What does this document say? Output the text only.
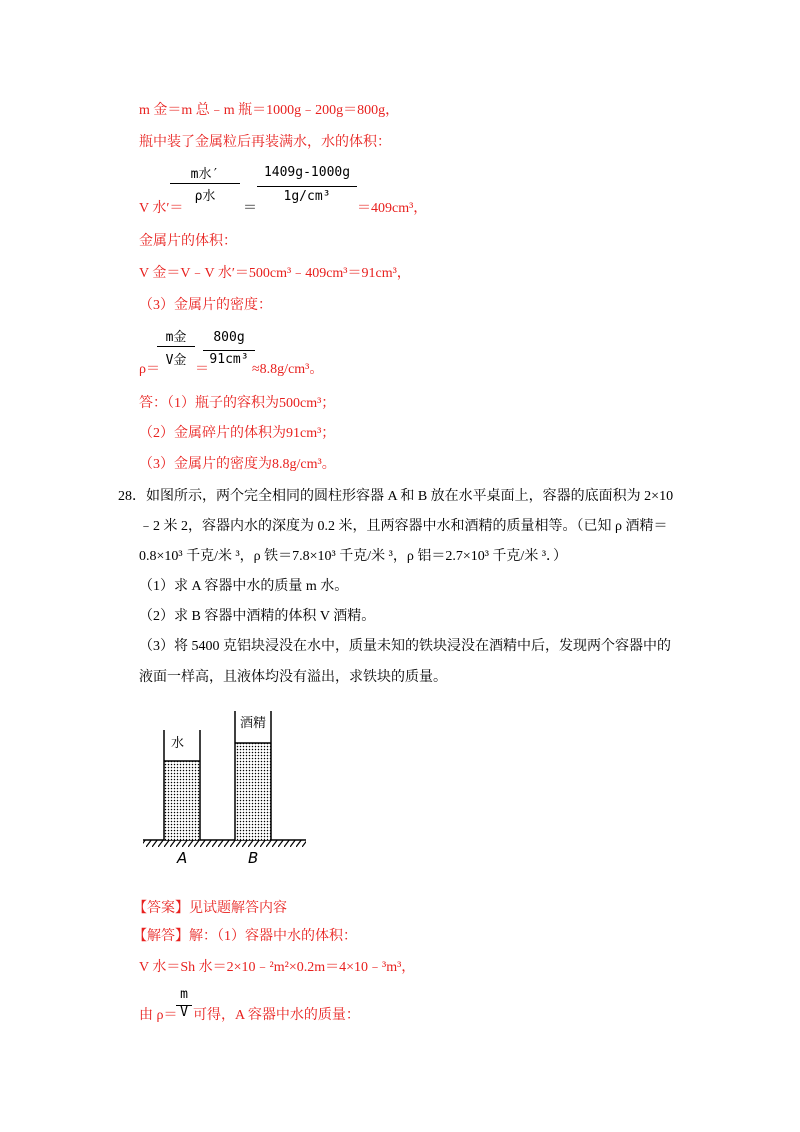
m 金＝m 总﹣m 瓶＝1000g﹣200g＝800g，
瓶中装了金属粒后再装满水，水的体积：
V 水′＝
m水′
ρ水
＝
1409g-1000g
1g/cm³
＝409cm³，
金属片的体积：
V 金＝V﹣V 水′＝500cm³﹣409cm³＝91cm³，
（3）金属片的密度：
ρ＝
m金
V金
＝
800g
91cm³
≈8.8g/cm³。
答：（1）瓶子的容积为500cm³；
（2）金属碎片的体积为91cm³；
（3）金属片的密度为8.8g/cm³。
28．如图所示，两个完全相同的圆柱形容器 A 和 B 放在水平桌面上，容器的底面积为 2×10
﹣2 米 2，容器内水的深度为 0.2 米，且两容器中水和酒精的质量相等。（已知 ρ 酒精＝
0.8×10³ 千克/米 ³，ρ 铁＝7.8×10³ 千克/米 ³，ρ 铝＝2.7×10³ 千克/米 ³．）
（1）求 A 容器中水的质量 m 水。
（2）求 B 容器中酒精的体积 V 酒精。
（3）将 5400 克铝块浸没在水中，质量未知的铁块浸没在酒精中后，发现两个容器中的
液面一样高，且液体均没有溢出，求铁块的质量。
水
酒精
A	B
【答案】见试题解答内容
【解答】解：（1）容器中水的体积：
V 水＝Sh 水＝2×10﹣²m²×0.2m＝4×10﹣³m³，
由 ρ＝
m
V 可得，A 容器中水的质量：
